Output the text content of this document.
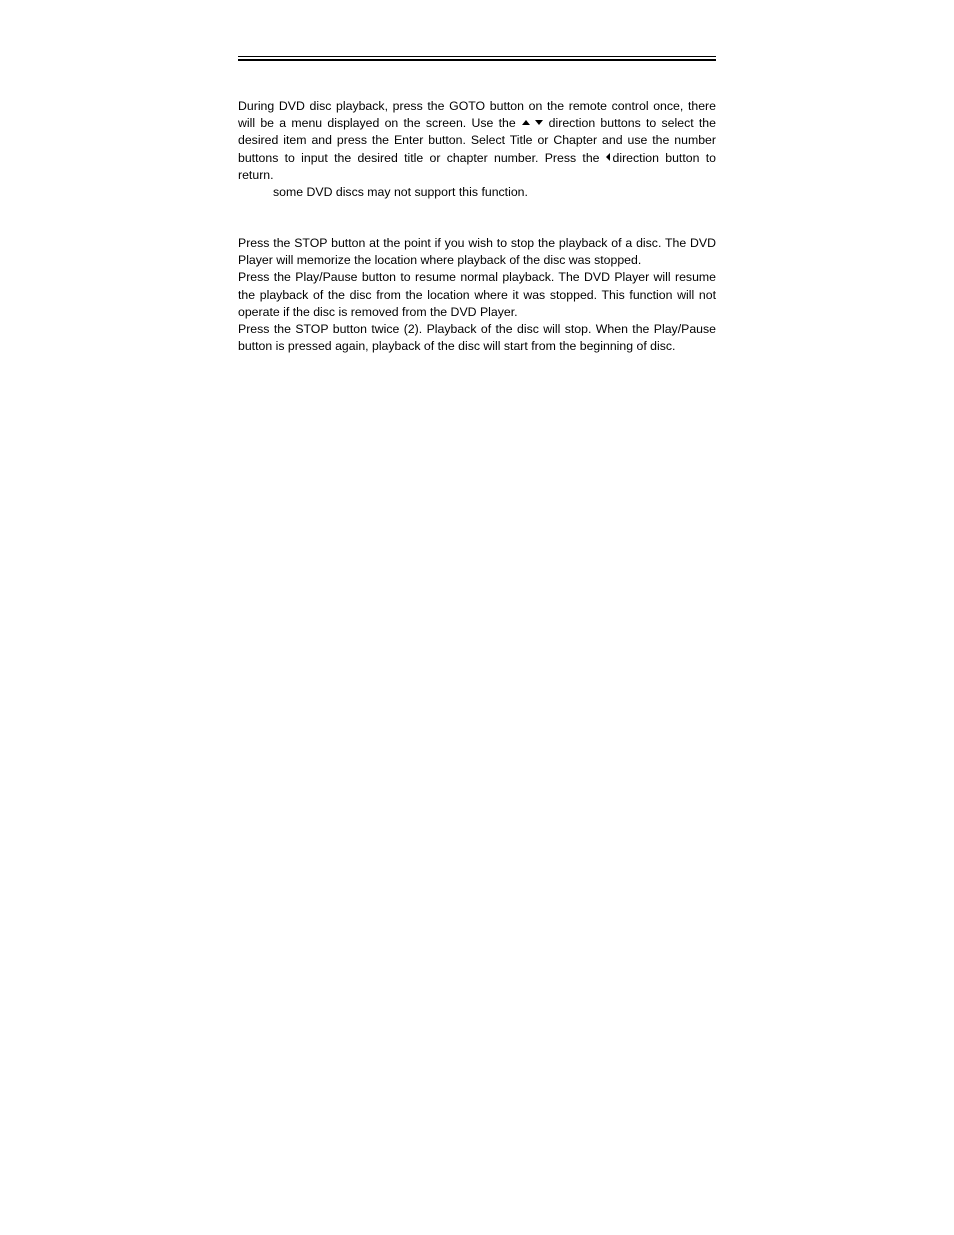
During DVD disc playback, press the GOTO button on the remote control once, there will be a menu displayed on the screen. Use the	direction buttons to select the desired item and press the Enter button. Select Title or Chapter and use the number buttons to input the desired title or chapter number. Press the direction button to return.

some DVD discs may not support this function.

Press the STOP button at the point if you wish to stop the playback of a disc. The DVD Player will memorize the location where playback of the disc was stopped.

Press the Play/Pause button to resume normal playback. The DVD Player will resume the playback of the disc from the location where it was stopped. This function will not operate if the disc is removed from the DVD Player.

Press the STOP button twice (2). Playback of the disc will stop. When the Play/Pause button is pressed again, playback of the disc will start from the beginning of disc.
